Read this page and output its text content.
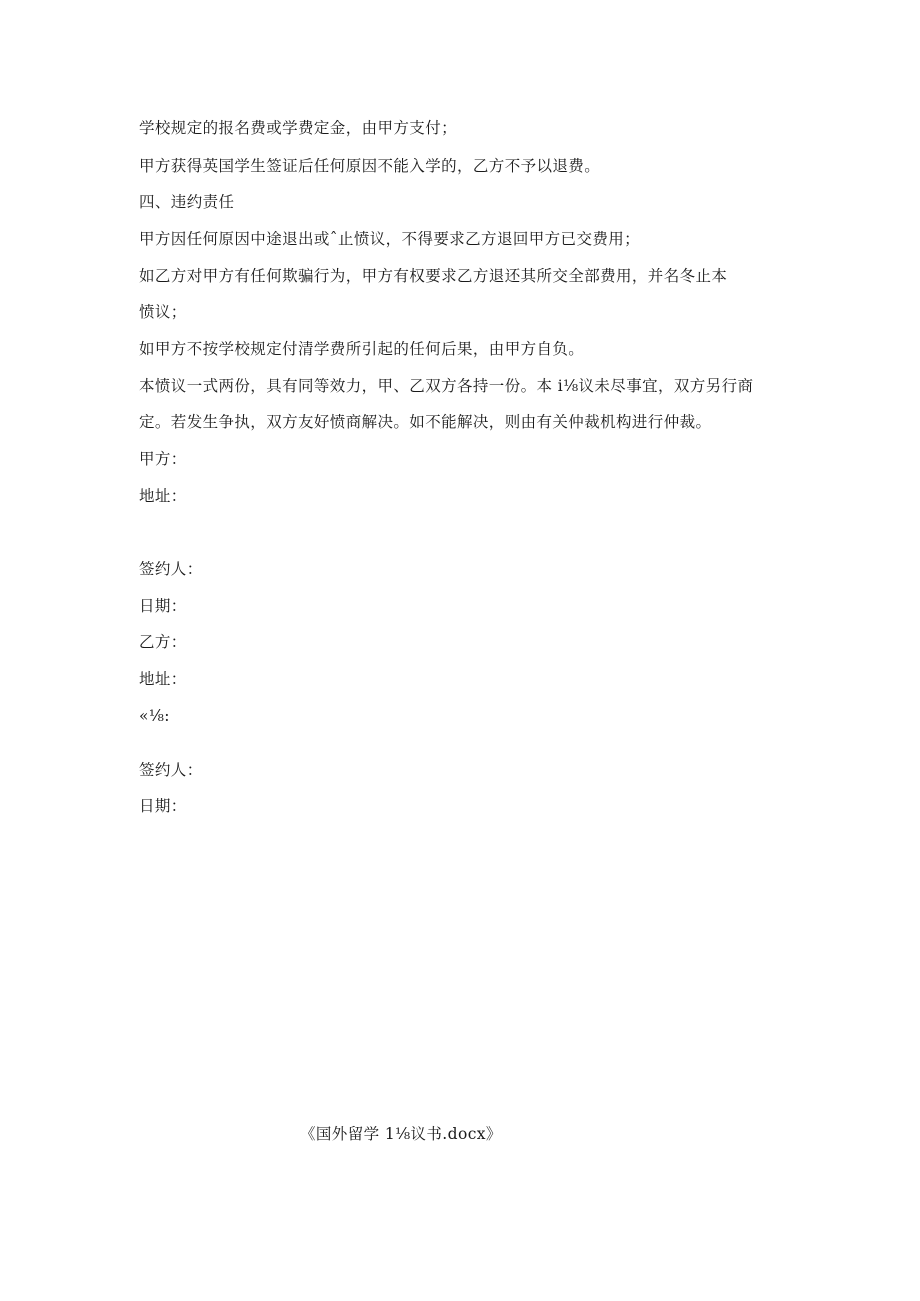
学校规定的报名费或学费定金，由甲方支付；
甲方获得英国学生签证后任何原因不能入学的，乙方不予以退费。
四、违约责任
甲方因任何原因中途退出或ˆ止愤议，不得要求乙方退回甲方已交费用；
如乙方对甲方有任何欺骗行为，甲方有权要求乙方退还其所交全部费用，并名冬止本
愤议；
如甲方不按学校规定付清学费所引起的任何后果，由甲方自负。
本愤议一式两份，具有同等效力，甲、乙双方各持一份。本 i⅛议未尽事宜，双方另行商
定。若发生争执，双方友好愤商解决。如不能解决，则由有关仲裁机构进行仲裁。
甲方：
地址：
签约人：
日期：
乙方：
地址：
«⅛:
签约人：
日期：
《国外留学 1⅛议书.docx》
